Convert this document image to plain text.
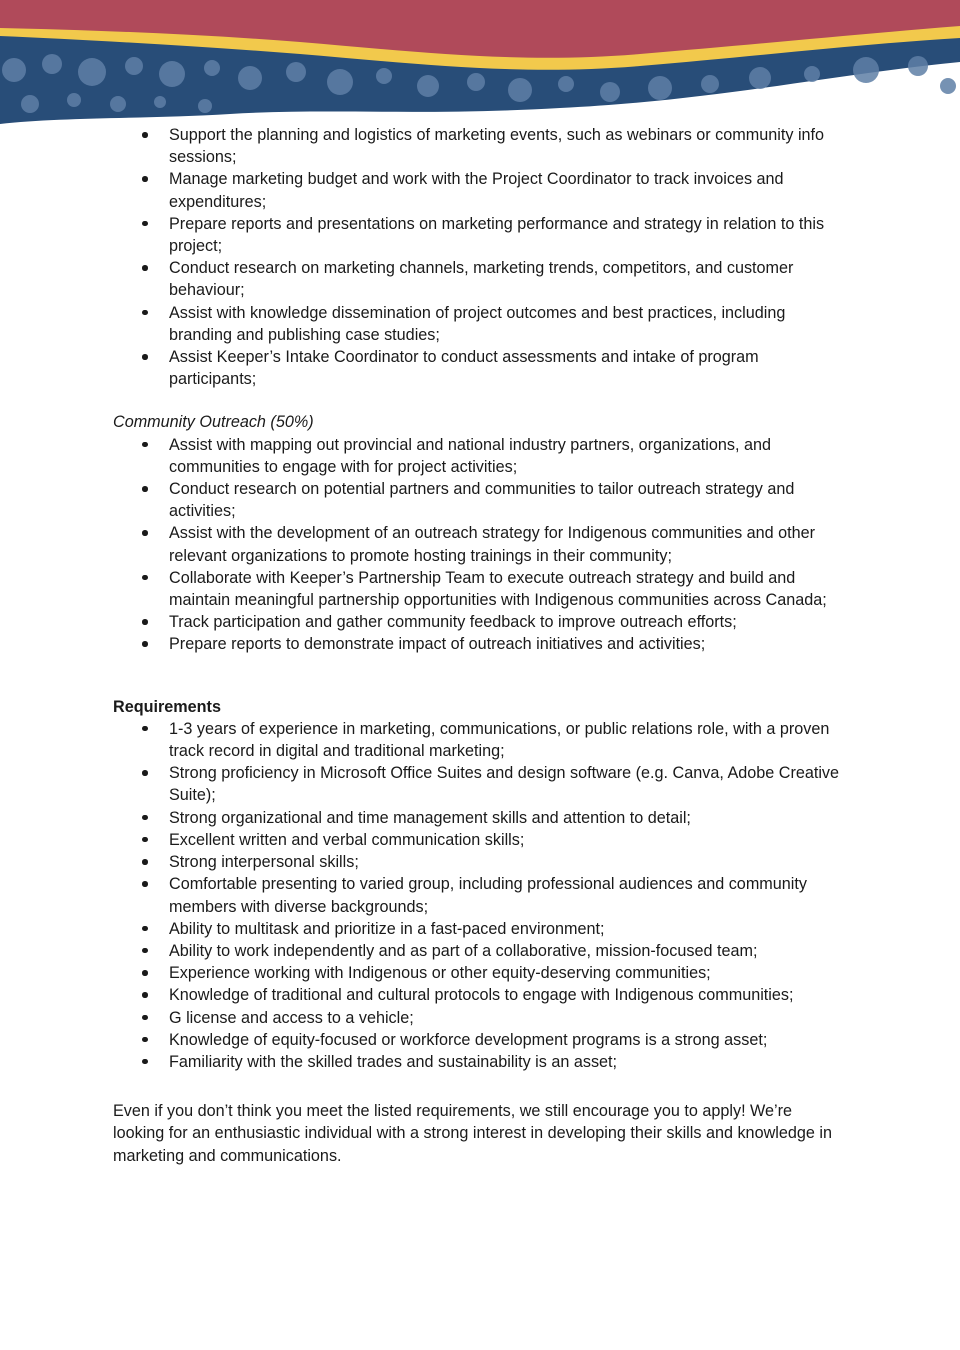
Support the planning and logistics of marketing events, such as webinars or community info sessions;
Manage marketing budget and work with the Project Coordinator to track invoices and expenditures;
Prepare reports and presentations on marketing performance and strategy in relation to this project;
Conduct research on marketing channels, marketing trends, competitors, and customer behaviour;
Assist with knowledge dissemination of project outcomes and best practices, including branding and publishing case studies;
Assist Keeper’s Intake Coordinator to conduct assessments and intake of program participants;
Community Outreach (50%)
Assist with mapping out provincial and national industry partners, organizations, and communities to engage with for project activities;
Conduct research on potential partners and communities to tailor outreach strategy and activities;
Assist with the development of an outreach strategy for Indigenous communities and other relevant organizations to promote hosting trainings in their community;
Collaborate with Keeper’s Partnership Team to execute outreach strategy and build and maintain meaningful partnership opportunities with Indigenous communities across Canada;
Track participation and gather community feedback to improve outreach efforts;
Prepare reports to demonstrate impact of outreach initiatives and activities;
Requirements
1-3 years of experience in marketing, communications, or public relations role, with a proven track record in digital and traditional marketing;
Strong proficiency in Microsoft Office Suites and design software (e.g. Canva, Adobe Creative Suite);
Strong organizational and time management skills and attention to detail;
Excellent written and verbal communication skills;
Strong interpersonal skills;
Comfortable presenting to varied group, including professional audiences and community members with diverse backgrounds;
Ability to multitask and prioritize in a fast-paced environment;
Ability to work independently and as part of a collaborative, mission-focused team;
Experience working with Indigenous or other equity-deserving communities;
Knowledge of traditional and cultural protocols to engage with Indigenous communities;
G license and access to a vehicle;
Knowledge of equity-focused or workforce development programs is a strong asset;
Familiarity with the skilled trades and sustainability is an asset;

Even if you don’t think you meet the listed requirements, we still encourage you to apply! We’re looking for an enthusiastic individual with a strong interest in developing their skills and knowledge in marketing and communications.
